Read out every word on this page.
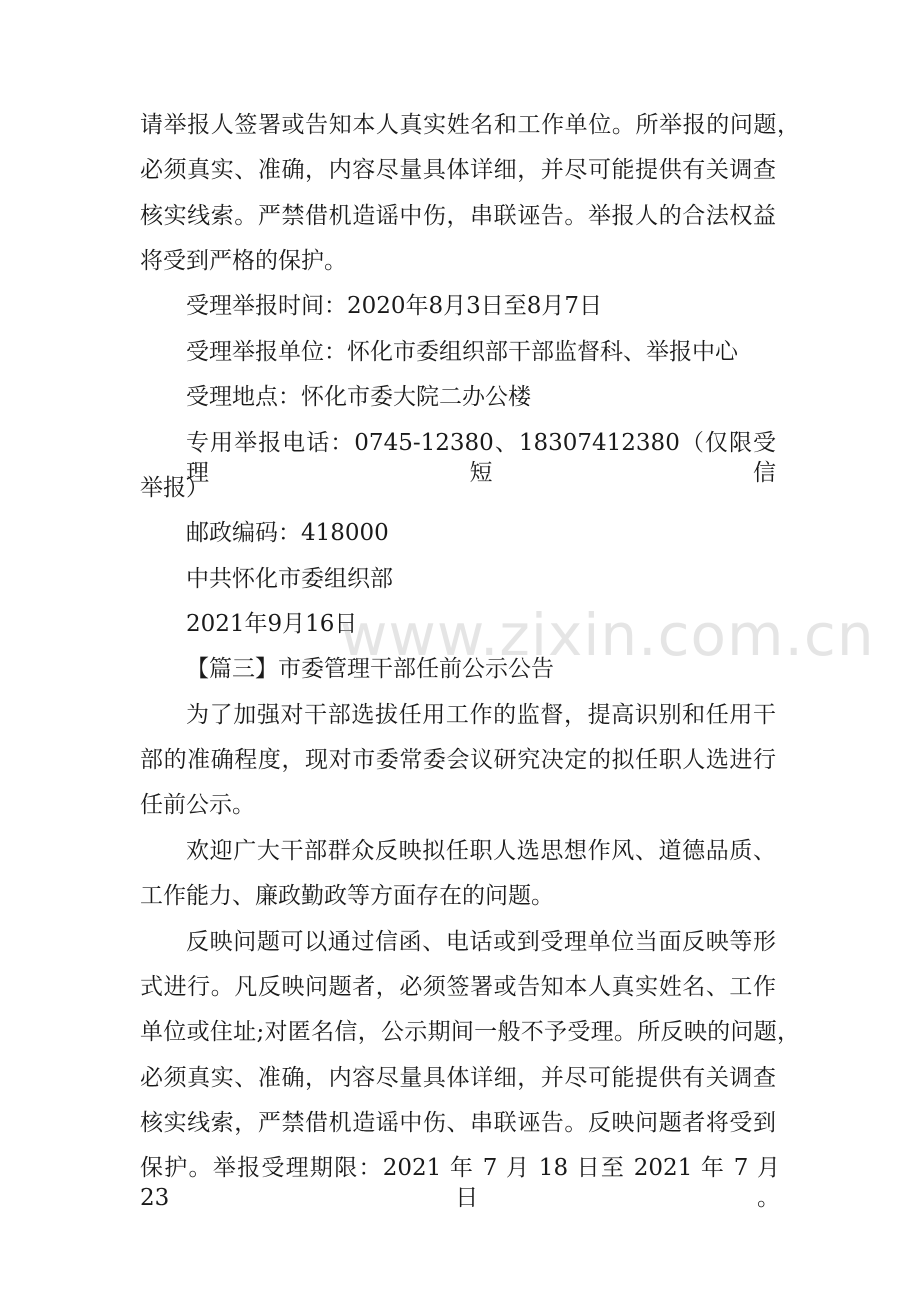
请举报人签署或告知本人真实姓名和工作单位。所举报的问题，
必须真实、准确，内容尽量具体详细，并尽可能提供有关调查
核实线索。严禁借机造谣中伤，串联诬告。举报人的合法权益
将受到严格的保护。
受理举报时间：2020年8月3日至8月7日
受理举报单位：怀化市委组织部干部监督科、举报中心
受理地点：怀化市委大院二办公楼
专用举报电话：0745-12380、18307412380（仅限受理短信
举报）
邮政编码：418000
中共怀化市委组织部
2021年9月16日
【篇三】市委管理干部任前公示公告
为了加强对干部选拔任用工作的监督，提高识别和任用干
部的准确程度，现对市委常委会议研究决定的拟任职人选进行
任前公示。
欢迎广大干部群众反映拟任职人选思想作风、道德品质、
工作能力、廉政勤政等方面存在的问题。
反映问题可以通过信函、电话或到受理单位当面反映等形
式进行。凡反映问题者，必须签署或告知本人真实姓名、工作
单位或住址;对匿名信，公示期间一般不予受理。所反映的问题，
必须真实、准确，内容尽量具体详细，并尽可能提供有关调查
核实线索，严禁借机造谣中伤、串联诬告。反映问题者将受到
保护。举报受理期限：2021 年 7 月 18 日至 2021 年 7 月 23 日。
www.zixin.com.cn
